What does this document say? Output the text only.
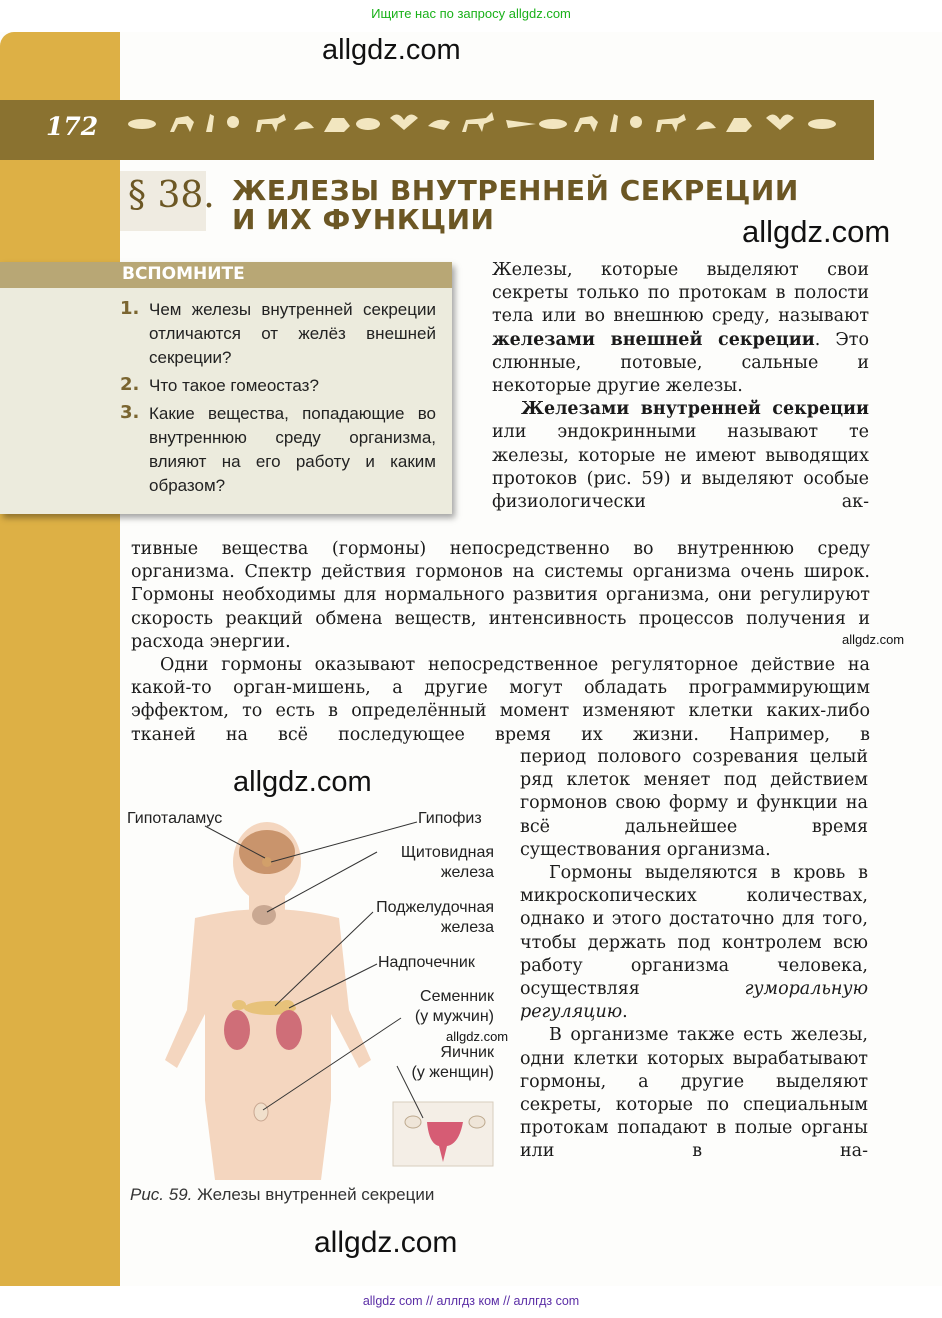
Ищите нас по запросу allgdz.com
172
allgdz.com
§ 38. ЖЕЛЕЗЫ ВНУТРЕННЕЙ СЕКРЕЦИИ
И ИХ ФУНКЦИИ	allgdz.com
ВСПОМНИТЕ
1. Чем железы внутренней секреции отличаются от желёз внешней секреции?
2. Что такое гомеостаз?
3. Какие вещества, попадающие во внутреннюю среду организма, влияют на его работу и каким образом?

Железы, которые выделяют свои секреты только по протокам в полости тела или во внешнюю среду, называют железами внешней секреции. Это слюнные, потовые, сальные и некоторые другие железы.

Железами внутренней секреции или эндокринными называют те железы, которые не имеют выводящих протоков (рис. 59) и выделяют особые физиологически ак-

тивные вещества (гормоны) непосредственно во внутреннюю среду организма. Спектр действия гормонов на системы организма очень широк. Гормоны необходимы для нормального развития организма, они регулируют скорость реакций обмена веществ, интенсивность процессов получения и расхода энергии.

Одни гормоны оказывают непосредственное регуляторное действие на какой-то орган-мишень, а другие могут обладать программирующим эффектом, то есть в определённый момент изменяют клетки каких-либо тканей на всё последующее время их жизни. Например, в

allgdz.com

период полового созревания целый ряд клеток меняет под действием гормонов свою форму и функции на всё дальнейшее время существования организма.

Гормоны выделяются в кровь в микроскопических количествах, однако и этого достаточно для того, чтобы держать под контролем всю работу организма человека, осуществляя	гуморальную регуляцию.

В организме также есть железы, одни клетки которых вырабатывают гормоны, а другие выделяют секреты, которые по специальным протокам попадают в полые органы или в на-

allgdz.com
Гипоталамус	Гипофиз
Щитовидная
железа
Поджелудочная
железа
Надпочечник
Семенник
(у мужчин)
allgdz.com
Яичник
(у женщин)
Рис. 59. Железы внутренней секреции
allgdz.com
allgdz com // аллгдз ком // аллгдз com
